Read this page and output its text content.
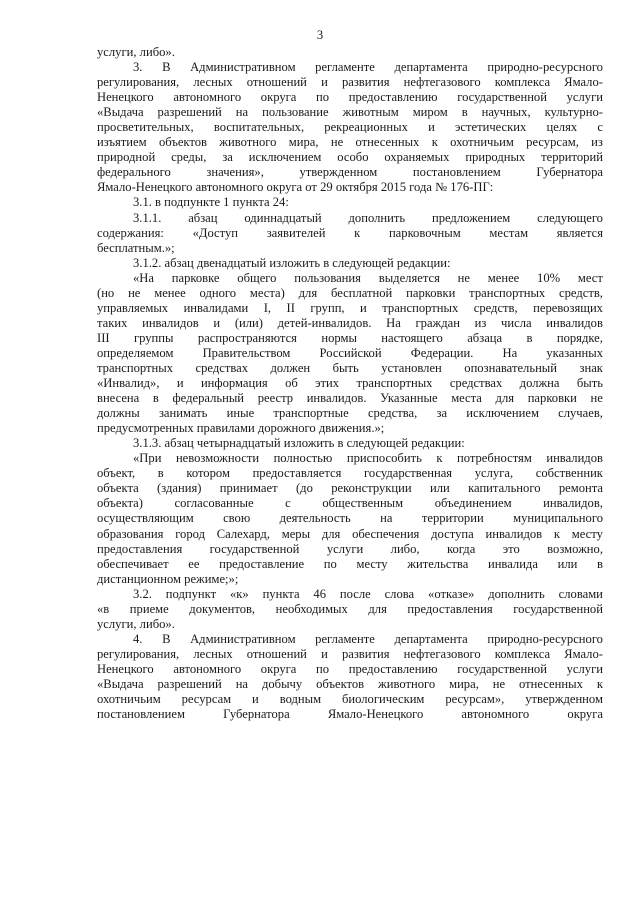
3
услуги, либо».
3. В Административном регламенте департамента природно-ресурсного
регулирования, лесных отношений и развития нефтегазового комплекса Ямало-
Ненецкого автономного округа по предоставлению государственной услуги
«Выдача разрешений на пользование животным миром в научных, культурно-
просветительных, воспитательных, рекреационных и эстетических целях с
изъятием объектов животного мира, не отнесенных к охотничьим ресурсам, из
природной среды, за исключением особо охраняемых природных территорий
федерального	значения»,	утвержденном	постановлением	Губернатора
Ямало-Ненецкого автономного округа от 29 октября 2015 года № 176-ПГ:
3.1. в подпункте 1 пункта 24:
3.1.1. абзац одиннадцатый дополнить предложением следующего
содержания: «Доступ заявителей к парковочным местам является
бесплатным.»;
3.1.2. абзац двенадцатый изложить в следующей редакции:
«На парковке общего пользования выделяется не менее 10% мест
(но не менее одного места) для бесплатной парковки транспортных средств,
управляемых инвалидами I, II групп, и транспортных средств, перевозящих
таких инвалидов и (или) детей-инвалидов. На граждан из числа инвалидов
III группы распространяются нормы настоящего абзаца в порядке,
определяемом Правительством Российской Федерации. На указанных
транспортных средствах должен быть установлен опознавательный знак
«Инвалид», и информация об этих транспортных средствах должна быть
внесена в федеральный реестр инвалидов. Указанные места для парковки не
должны занимать иные транспортные средства, за исключением случаев,
предусмотренных правилами дорожного движения.»;
3.1.3. абзац четырнадцатый изложить в следующей редакции:
«При невозможности полностью приспособить к потребностям инвалидов
объект, в котором предоставляется государственная услуга, собственник
объекта (здания) принимает (до реконструкции или капитального ремонта
объекта)	согласованные	с	общественным	объединением	инвалидов,
осуществляющим свою деятельность на территории муниципального
образования город Салехард, меры для обеспечения доступа инвалидов к месту
предоставления государственной услуги либо, когда это возможно,
обеспечивает ее предоставление по месту жительства инвалида или в
дистанционном режиме;»;
3.2. подпункт «к» пункта 46 после слова «отказе» дополнить словами
«в приеме документов, необходимых для предоставления государственной
услуги, либо».
4. В Административном регламенте департамента природно-ресурсного
регулирования, лесных отношений и развития нефтегазового комплекса Ямало-
Ненецкого автономного округа по предоставлению государственной услуги
«Выдача разрешений на добычу объектов животного мира, не отнесенных к
охотничьим ресурсам и водным биологическим ресурсам», утвержденном
постановлением	Губернатора	Ямало-Ненецкого	автономного	округа
